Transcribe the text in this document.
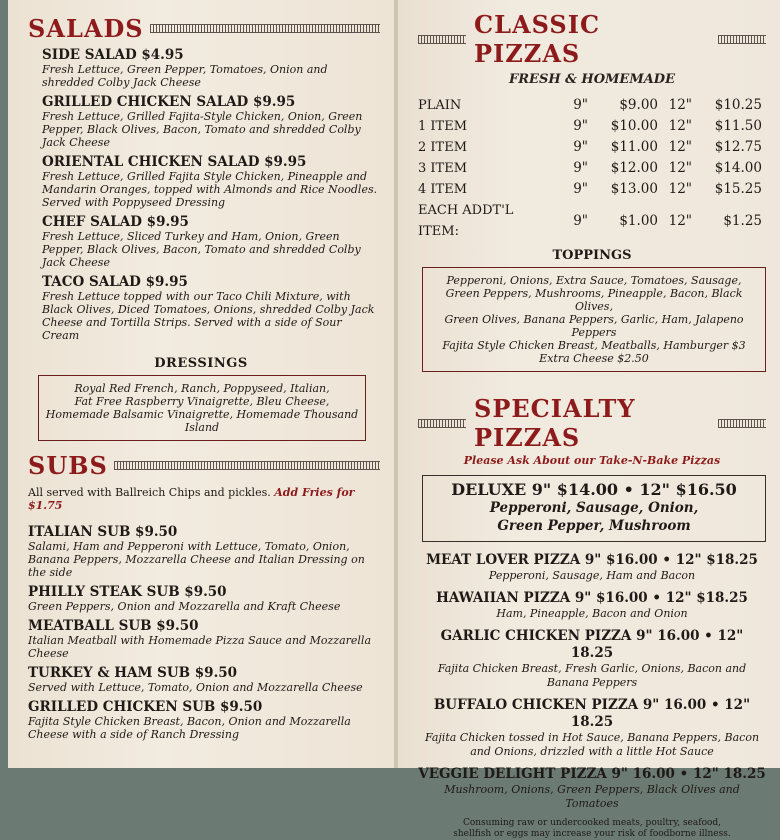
SALADS
SIDE SALAD $4.95
Fresh Lettuce, Green Pepper, Tomatoes, Onion and shredded Colby Jack Cheese
GRILLED CHICKEN SALAD $9.95
Fresh Lettuce, Grilled Fajita-Style Chicken, Onion, Green Pepper, Black Olives, Bacon, Tomato and shredded Colby Jack Cheese
ORIENTAL CHICKEN SALAD $9.95
Fresh Lettuce, Grilled Fajita Style Chicken, Pineapple and Mandarin Oranges, topped with Almonds and Rice Noodles. Served with Poppyseed Dressing
CHEF SALAD $9.95
Fresh Lettuce, Sliced Turkey and Ham, Onion, Green Pepper, Black Olives, Bacon, Tomato and shredded Colby Jack Cheese
TACO SALAD $9.95
Fresh Lettuce topped with our Taco Chili Mixture, with Black Olives, Diced Tomatoes, Onions, shredded Colby Jack Cheese and Tortilla Strips. Served with a side of Sour Cream
DRESSINGS
Royal Red French, Ranch, Poppyseed, Italian,
Fat Free Raspberry Vinaigrette, Bleu Cheese,
Homemade Balsamic Vinaigrette, Homemade Thousand Island
SUBS
All served with Ballreich Chips and pickles. Add Fries for $1.75
ITALIAN SUB $9.50
Salami, Ham and Pepperoni with Lettuce, Tomato, Onion, Banana Peppers, Mozzarella Cheese and Italian Dressing on the side
PHILLY STEAK SUB $9.50
Green Peppers, Onion and Mozzarella and Kraft Cheese
MEATBALL SUB $9.50
Italian Meatball with Homemade Pizza Sauce and Mozzarella Cheese
TURKEY & HAM SUB $9.50
Served with Lettuce, Tomato, Onion and Mozzarella Cheese
GRILLED CHICKEN SUB $9.50
Fajita Style Chicken Breast, Bacon, Onion and Mozzarella Cheese with a side of Ranch Dressing
CLASSIC PIZZAS
FRESH & HOMEMADE
PLAIN	9"	$9.00	12"	$10.25
1 ITEM	9"	$10.00	12"	$11.50
2 ITEM	9"	$11.00	12"	$12.75
3 ITEM	9"	$12.00	12"	$14.00
4 ITEM	9"	$13.00	12"	$15.25
EACH ADDT'L ITEM:	9"	$1.00	12"	$1.25
TOPPINGS
Pepperoni, Onions, Extra Sauce, Tomatoes, Sausage,
Green Peppers, Mushrooms, Pineapple, Bacon, Black Olives,
Green Olives, Banana Peppers, Garlic, Ham, Jalapeno Peppers
Fajita Style Chicken Breast, Meatballs, Hamburger $3
Extra Cheese $2.50
SPECIALTY PIZZAS
Please Ask About our Take-N-Bake Pizzas
DELUXE 9" $14.00 • 12" $16.50
Pepperoni, Sausage, Onion,
Green Pepper, Mushroom
MEAT LOVER PIZZA 9" $16.00 • 12" $18.25
Pepperoni, Sausage, Ham and Bacon
HAWAIIAN PIZZA 9" $16.00 • 12" $18.25
Ham, Pineapple, Bacon and Onion
GARLIC CHICKEN PIZZA 9" 16.00 • 12" 18.25
Fajita Chicken Breast, Fresh Garlic, Onions, Bacon and Banana Peppers
BUFFALO CHICKEN PIZZA 9" 16.00 • 12" 18.25
Fajita Chicken tossed in Hot Sauce, Banana Peppers, Bacon and Onions, drizzled with a little Hot Sauce
VEGGIE DELIGHT PIZZA 9" 16.00 • 12" 18.25
Mushroom, Onions, Green Peppers, Black Olives and Tomatoes
Consuming raw or undercooked meats, poultry, seafood,
shellfish or eggs may increase your risk of foodborne illness.
